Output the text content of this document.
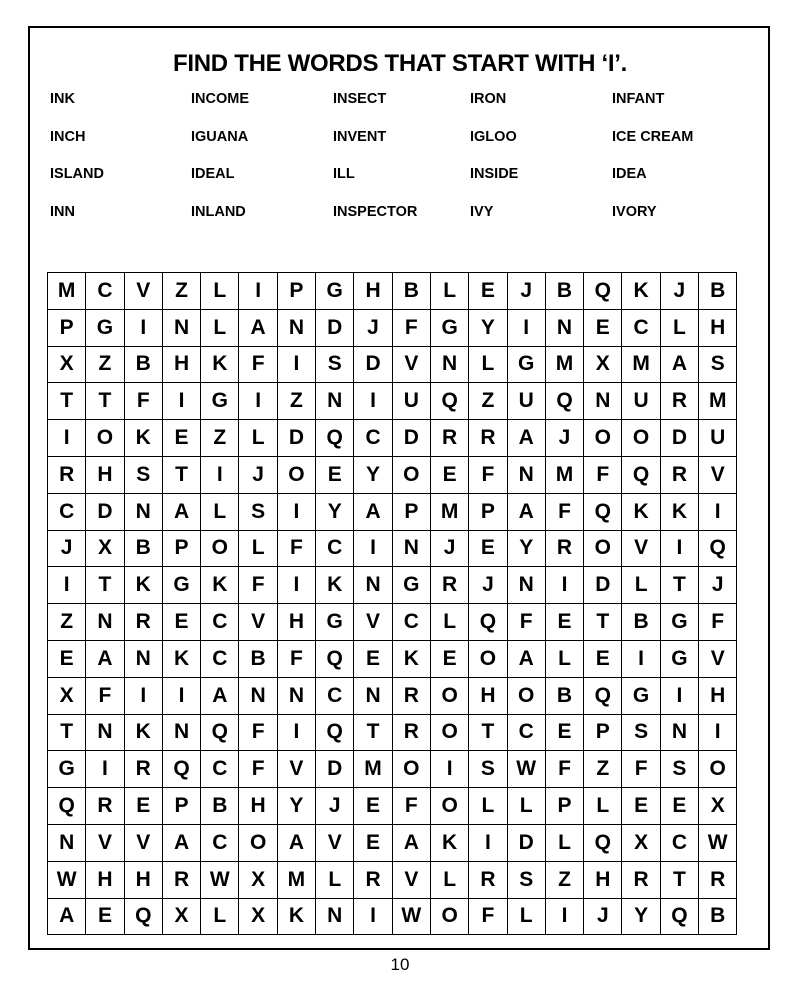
FIND THE WORDS THAT START WITH ‘I’.
INK	INCOME	INSECT	IRON	INFANT
INCH	IGUANA	INVENT	IGLOO	ICE CREAM
ISLAND	IDEAL	ILL	INSIDE	IDEA
INN	INLAND	INSPECTOR	IVY	IVORY
M	C	V	Z	L	I	P	G	H	B	L	E	J	B	Q	K	J	B
P	G	I	N	L	A	N	D	J	F	G	Y	I	N	E	C	L	H
X	Z	B	H	K	F	I	S	D	V	N	L	G	M	X	M	A	S
T	T	F	I	G	I	Z	N	I	U	Q	Z	U	Q	N	U	R	M
I	O	K	E	Z	L	D	Q	C	D	R	R	A	J	O	O	D	U
R	H	S	T	I	J	O	E	Y	O	E	F	N	M	F	Q	R	V
C	D	N	A	L	S	I	Y	A	P	M	P	A	F	Q	K	K	I
J	X	B	P	O	L	F	C	I	N	J	E	Y	R	O	V	I	Q
I	T	K	G	K	F	I	K	N	G	R	J	N	I	D	L	T	J
Z	N	R	E	C	V	H	G	V	C	L	Q	F	E	T	B	G	F
E	A	N	K	C	B	F	Q	E	K	E	O	A	L	E	I	G	V
X	F	I	I	A	N	N	C	N	R	O	H	O	B	Q	G	I	H
T	N	K	N	Q	F	I	Q	T	R	O	T	C	E	P	S	N	I
G	I	R	Q	C	F	V	D	M	O	I	S	W	F	Z	F	S	O
Q	R	E	P	B	H	Y	J	E	F	O	L	L	P	L	E	E	X
N	V	V	A	C	O	A	V	E	A	K	I	D	L	Q	X	C	W
W	H	H	R	W	X	M	L	R	V	L	R	S	Z	H	R	T	R
A	E	Q	X	L	X	K	N	I	W	O	F	L	I	J	Y	Q	B
10
